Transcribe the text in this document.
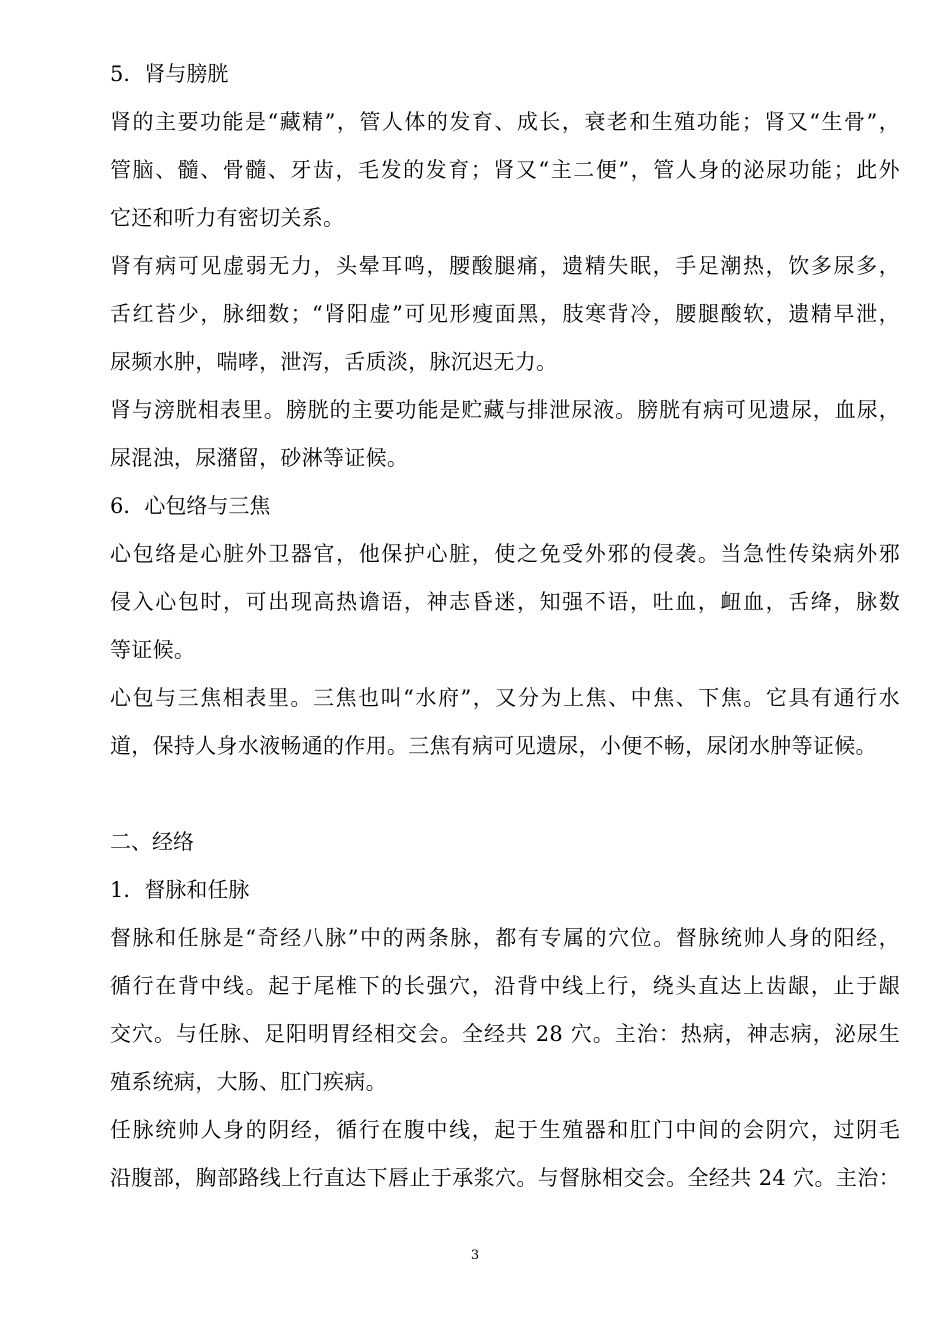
5．肾与膀胱
肾的主要功能是“藏精”，管人体的发育、成长，衰老和生殖功能；肾又“生骨”，
管脑、髓、骨髓、牙齿，毛发的发育；肾又“主二便”，管人身的泌尿功能；此外
它还和听力有密切关系。
肾有病可见虚弱无力，头晕耳鸣，腰酸腿痛，遗精失眠，手足潮热，饮多尿多，
舌红苔少，脉细数；“肾阳虚”可见形瘦面黑，肢寒背冷，腰腿酸软，遗精早泄，
尿频水肿，喘哮，泄泻，舌质淡，脉沉迟无力。
肾与滂胱相表里。膀胱的主要功能是贮藏与排泄尿液。膀胱有病可见遗尿，血尿，
尿混浊，尿潴留，砂淋等证候。
6．心包络与三焦
心包络是心脏外卫器官，他保护心脏，使之免受外邪的侵袭。当急性传染病外邪
侵入心包时，可出现高热谵语，神志昏迷，知强不语，吐血，衄血，舌绛，脉数
等证候。
心包与三焦相表里。三焦也叫“水府”，又分为上焦、中焦、下焦。它具有通行水
道，保持人身水液畅通的作用。三焦有病可见遗尿，小便不畅，尿闭水肿等证候。
二、经络
1．督脉和任脉
督脉和任脉是“奇经八脉”中的两条脉，都有专属的穴位。督脉统帅人身的阳经，
循行在背中线。起于尾椎下的长强穴，沿背中线上行，绕头直达上齿龈，止于龈
交穴。与任脉、足阳明胃经相交会。全经共 28 穴。主治：热病，神志病，泌尿生
殖系统病，大肠、肛门疾病。
任脉统帅人身的阴经，循行在腹中线，起于生殖器和肛门中间的会阴穴，过阴毛
沿腹部，胸部路线上行直达下唇止于承浆穴。与督脉相交会。全经共 24 穴。主治：
3
